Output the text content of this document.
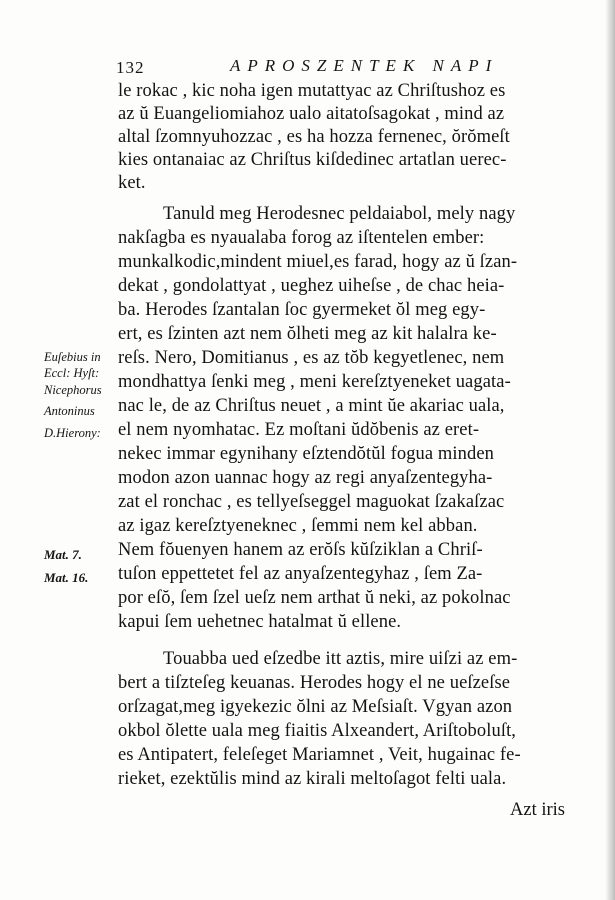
132	APROSZENTEK NAPI
le rokac , kic noha igen mutattyac az Chriſtushoz es
az ŭ Euangeliomiahoz ualo aitatoſsagokat , mind az
altal ſzomnyuhozzac , es ha hozza fernenec, ŏrŏmeſt
kies ontanaiac az Chriſtus kiſdedinec artatlan uerec-
ket.
Tanuld meg Herodesnec peldaiabol, mely nagy
nakſagba es nyaualaba forog az iſtentelen ember:
munkalkodic,mindent miuel,es farad, hogy az ŭ ſzan-
dekat , gondolattyat , ueghez uiheſse , de chac heia-
ba. Herodes ſzantalan ſoc gyermeket ŏl meg egy-
ert, es ſzinten azt nem ŏlheti meg az kit halalra ke-
reſs. Nero, Domitianus , es az tŏb kegyetlenec, nem
mondhattya ſenki meg , meni kereſztyeneket uagata-
nac le, de az Chriſtus neuet , a mint ŭe akariac uala,
el nem nyomhatac. Ez moſtani ŭdŏbenis az eret-
nekec immar egynihany eſztendŏtŭl fogua minden
modon azon uannac hogy az regi anyaſzentegyha-
zat el ronchac , es tellyeſseggel maguokat ſzakaſzac
az igaz kereſztyeneknec , ſemmi nem kel abban.
Nem fŏuenyen hanem az erŏſs kŭſziklan a Chriſ-
tuſon eppettetet fel az anyaſzentegyhaz , ſem Za-
por eſŏ, ſem ſzel ueſz nem arthat ŭ neki, az pokolnac
kapui ſem uehetnec hatalmat ŭ ellene.
Touabba ued eſzedbe itt aztis, mire uiſzi az em-
bert a tiſzteſeg keuanas. Herodes hogy el ne ueſzeſse
orſzagat,meg igyekezic ŏlni az Meſsiaſt. Vgyan azon
okbol ŏlette uala meg fiaitis Alxeandert, Ariſtoboluſt,
es Antipatert, feleſeget Mariamnet , Veit, hugainac fe-
rieket, ezektŭlis mind az kirali meltoſagot felti uala.
Euſebius in
Eccl: Hyſt:
Nicephorus
Antoninus
D.Hierony:
Mat. 7.
Mat. 16.
Azt iris
